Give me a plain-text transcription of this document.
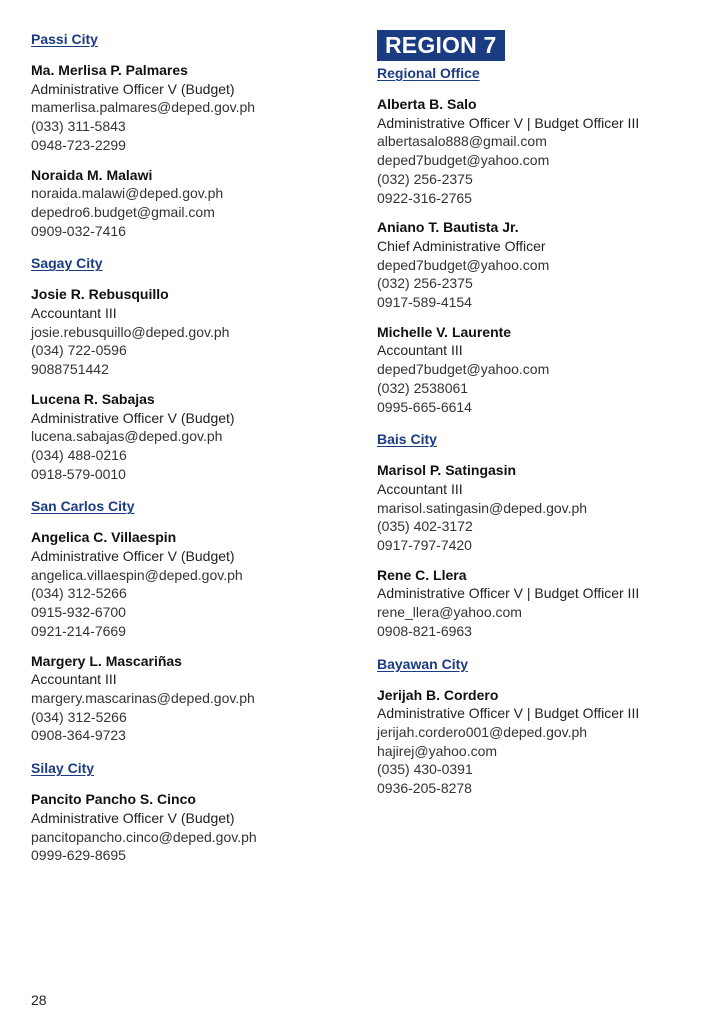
Passi City
Ma. Merlisa P. Palmares
Administrative Officer V (Budget)
mamerlisa.palmares@deped.gov.ph
(033) 311-5843
0948-723-2299
Noraida M. Malawi
noraida.malawi@deped.gov.ph
depedro6.budget@gmail.com
0909-032-7416
Sagay City
Josie R. Rebusquillo
Accountant III
josie.rebusquillo@deped.gov.ph
(034) 722-0596
9088751442
Lucena R. Sabajas
Administrative Officer V (Budget)
lucena.sabajas@deped.gov.ph
(034) 488-0216
0918-579-0010
San Carlos City
Angelica C. Villaespin
Administrative Officer V (Budget)
angelica.villaespin@deped.gov.ph
(034) 312-5266
0915-932-6700
0921-214-7669
Margery L. Mascariñas
Accountant III
margery.mascarinas@deped.gov.ph
(034) 312-5266
0908-364-9723
Silay City
Pancito Pancho S. Cinco
Administrative Officer V (Budget)
pancitopancho.cinco@deped.gov.ph
0999-629-8695
REGION 7
Regional Office
Alberta B. Salo
Administrative Officer V | Budget Officer III
albertasalo888@gmail.com
deped7budget@yahoo.com
(032) 256-2375
0922-316-2765
Aniano T. Bautista Jr.
Chief Administrative Officer
deped7budget@yahoo.com
(032) 256-2375
0917-589-4154
Michelle V. Laurente
Accountant III
deped7budget@yahoo.com
(032) 2538061
0995-665-6614
Bais City
Marisol P. Satingasin
Accountant III
marisol.satingasin@deped.gov.ph
(035) 402-3172
0917-797-7420
Rene C. Llera
Administrative Officer V | Budget Officer III
rene_llera@yahoo.com
0908-821-6963
Bayawan City
Jerijah B. Cordero
Administrative Officer V | Budget Officer III
jerijah.cordero001@deped.gov.ph
hajirej@yahoo.com
(035) 430-0391
0936-205-8278
28
